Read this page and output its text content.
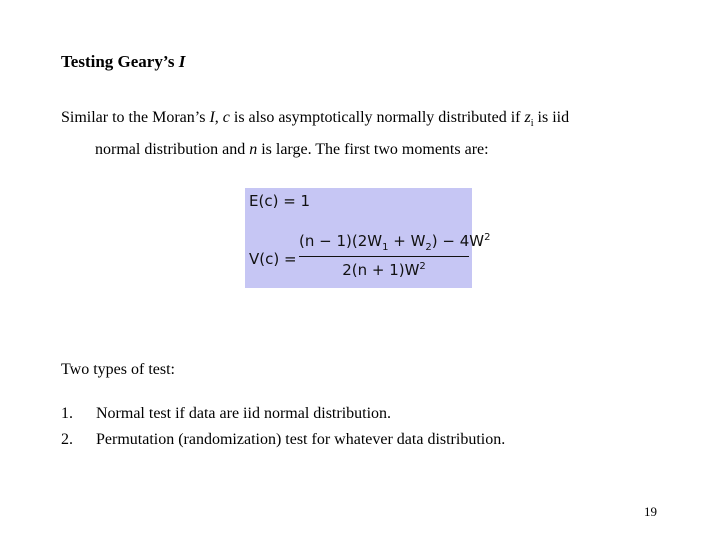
Testing Geary’s I
Similar to the Moran’s I, c is also asymptotically normally distributed if $z_i$ is iid
normal distribution and n is large. The first two moments are:
E(c) = 1
$V(c) = \frac{(n - 1)(2W_1 + W_2) - 4W^2}{2(n + 1)W^2}$
Two types of test:
1.	Normal test if data are iid normal distribution.
2.	Permutation (randomization) test for whatever data distribution.
19
